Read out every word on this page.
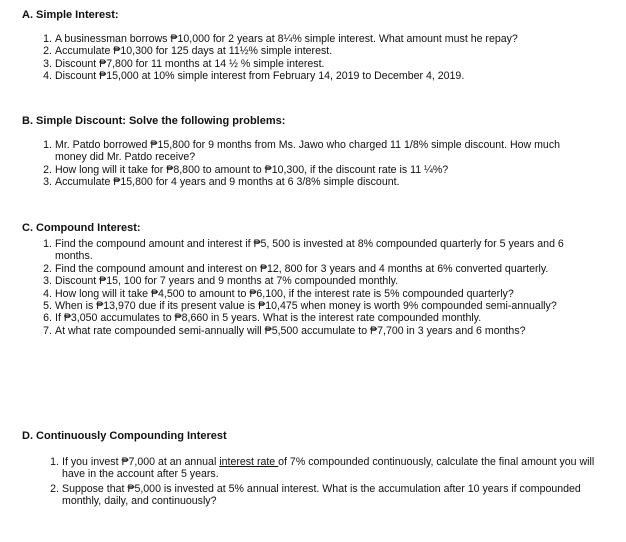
A. Simple Interest:
1. A businessman borrows ₱10,000 for 2 years at 8¼% simple interest. What amount must he repay?
2. Accumulate ₱10,300 for 125 days at 11½% simple interest.
3. Discount ₱7,800 for 11 months at 14 ½ % simple interest.
4. Discount ₱15,000 at 10% simple interest from February 14, 2019 to December 4, 2019.
B. Simple Discount: Solve the following problems:
1. Mr. Patdo borrowed ₱15,800 for 9 months from Ms. Jawo who charged 11 1/8% simple discount. How much money did Mr. Patdo receive?
2. How long will it take for ₱8,800 to amount to ₱10,300, if the discount rate is 11 ¼%?
3. Accumulate ₱15,800 for 4 years and 9 months at 6 3/8% simple discount.
C. Compound Interest:
1. Find the compound amount and interest if ₱5, 500 is invested at 8% compounded quarterly for 5 years and 6 months.
2. Find the compound amount and interest on ₱12, 800 for 3 years and 4 months at 6% converted quarterly.
3. Discount ₱15, 100 for 7 years and 9 months at 7% compounded monthly.
4. How long will it take ₱4,500 to amount to ₱6,100, if the interest rate is 5% compounded quarterly?
5. When is ₱13,970 due if its present value is ₱10,475 when money is worth 9% compounded semi-annually?
6. If ₱3,050 accumulates to ₱8,660 in 5 years. What is the interest rate compounded monthly.
7. At what rate compounded semi-annually will ₱5,500 accumulate to ₱7,700 in 3 years and 6 months?
D. Continuously Compounding Interest
1. If you invest ₱7,000 at an annual interest rate of 7% compounded continuously, calculate the final amount you will have in the account after 5 years.
2. Suppose that ₱5,000 is invested at 5% annual interest. What is the accumulation after 10 years if compounded monthly, daily, and continuously?
